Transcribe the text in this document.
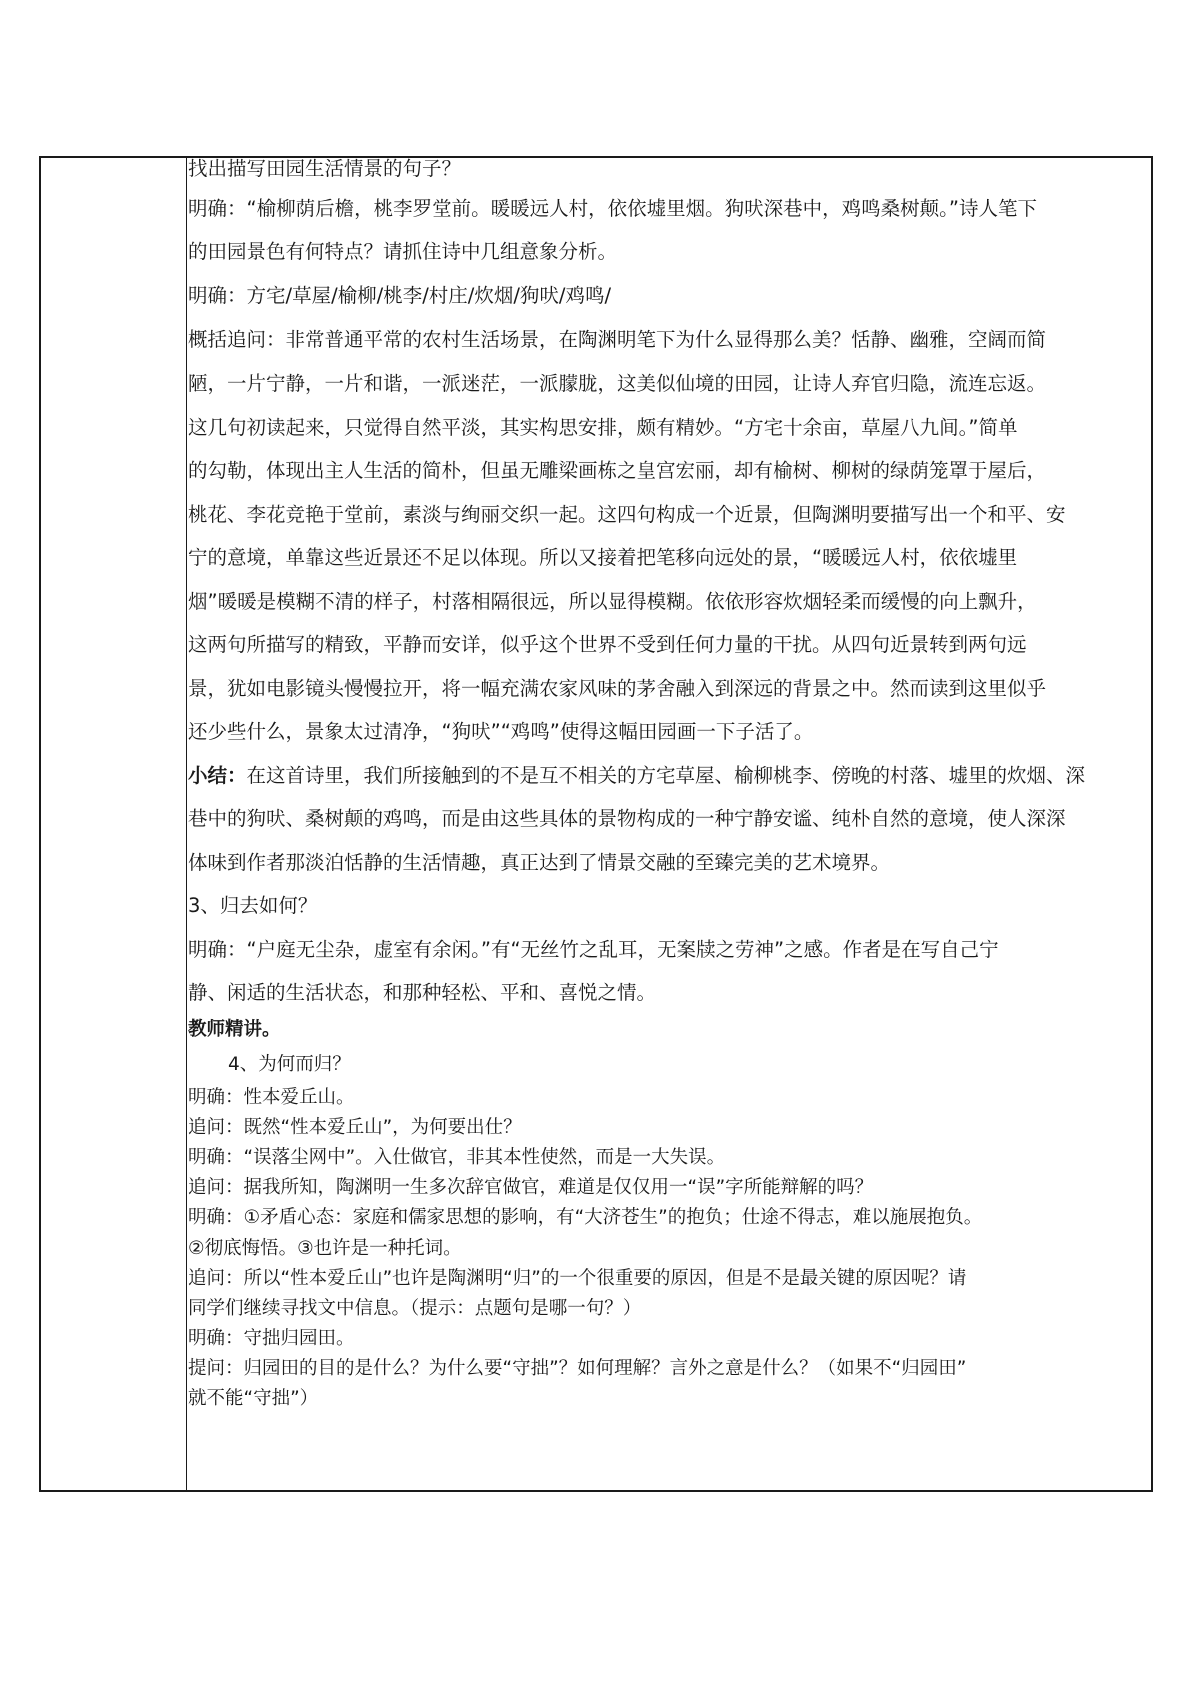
找出描写田园生活情景的句子？
明确：“榆柳荫后檐，桃李罗堂前。暖暖远人村，依依墟里烟。狗吠深巷中，鸡鸣桑树颠。”诗人笔下
的田园景色有何特点？请抓住诗中几组意象分析。
明确：方宅/草屋/榆柳/桃李/村庄/炊烟/狗吠/鸡鸣/
概括追问：非常普通平常的农村生活场景，在陶渊明笔下为什么显得那么美？恬静、幽雅，空阔而简
陋，一片宁静，一片和谐，一派迷茫，一派朦胧，这美似仙境的田园，让诗人弃官归隐，流连忘返。
这几句初读起来，只觉得自然平淡，其实构思安排，颇有精妙。“方宅十余亩，草屋八九间。”简单
的勾勒，体现出主人生活的简朴，但虽无雕梁画栋之皇宫宏丽，却有榆树、柳树的绿荫笼罩于屋后，
桃花、李花竞艳于堂前，素淡与绚丽交织一起。这四句构成一个近景，但陶渊明要描写出一个和平、安
宁的意境，单靠这些近景还不足以体现。所以又接着把笔移向远处的景，“暖暖远人村，依依墟里
烟”暖暖是模糊不清的样子，村落相隔很远，所以显得模糊。依依形容炊烟轻柔而缓慢的向上飘升，
这两句所描写的精致，平静而安详，似乎这个世界不受到任何力量的干扰。从四句近景转到两句远
景，犹如电影镜头慢慢拉开，将一幅充满农家风味的茅舍融入到深远的背景之中。然而读到这里似乎
还少些什么，景象太过清净，“狗吠”“鸡鸣”使得这幅田园画一下子活了。
小结：在这首诗里，我们所接触到的不是互不相关的方宅草屋、榆柳桃李、傍晚的村落、墟里的炊烟、深
巷中的狗吠、桑树颠的鸡鸣，而是由这些具体的景物构成的一种宁静安谧、纯朴自然的意境，使人深深
体味到作者那淡泊恬静的生活情趣，真正达到了情景交融的至臻完美的艺术境界。
3、归去如何？
明确：“户庭无尘杂，虚室有余闲。”有“无丝竹之乱耳，无案牍之劳神”之感。作者是在写自己宁
静、闲适的生活状态，和那种轻松、平和、喜悦之情。
教师精讲。
4、为何而归？
明确：性本爱丘山。
追问：既然“性本爱丘山”，为何要出仕？
明确：“误落尘网中”。入仕做官，非其本性使然，而是一大失误。
追问：据我所知，陶渊明一生多次辞官做官，难道是仅仅用一“误”字所能辩解的吗？
明确：①矛盾心态：家庭和儒家思想的影响，有“大济苍生”的抱负；仕途不得志，难以施展抱负。
②彻底悔悟。③也许是一种托词。
追问：所以“性本爱丘山”也许是陶渊明“归”的一个很重要的原因，但是不是最关键的原因呢？请
同学们继续寻找文中信息。（提示：点题句是哪一句？）
明确：守拙归园田。
提问：归园田的目的是什么？为什么要“守拙”？如何理解？言外之意是什么？（如果不“归园田”
就不能“守拙”）
